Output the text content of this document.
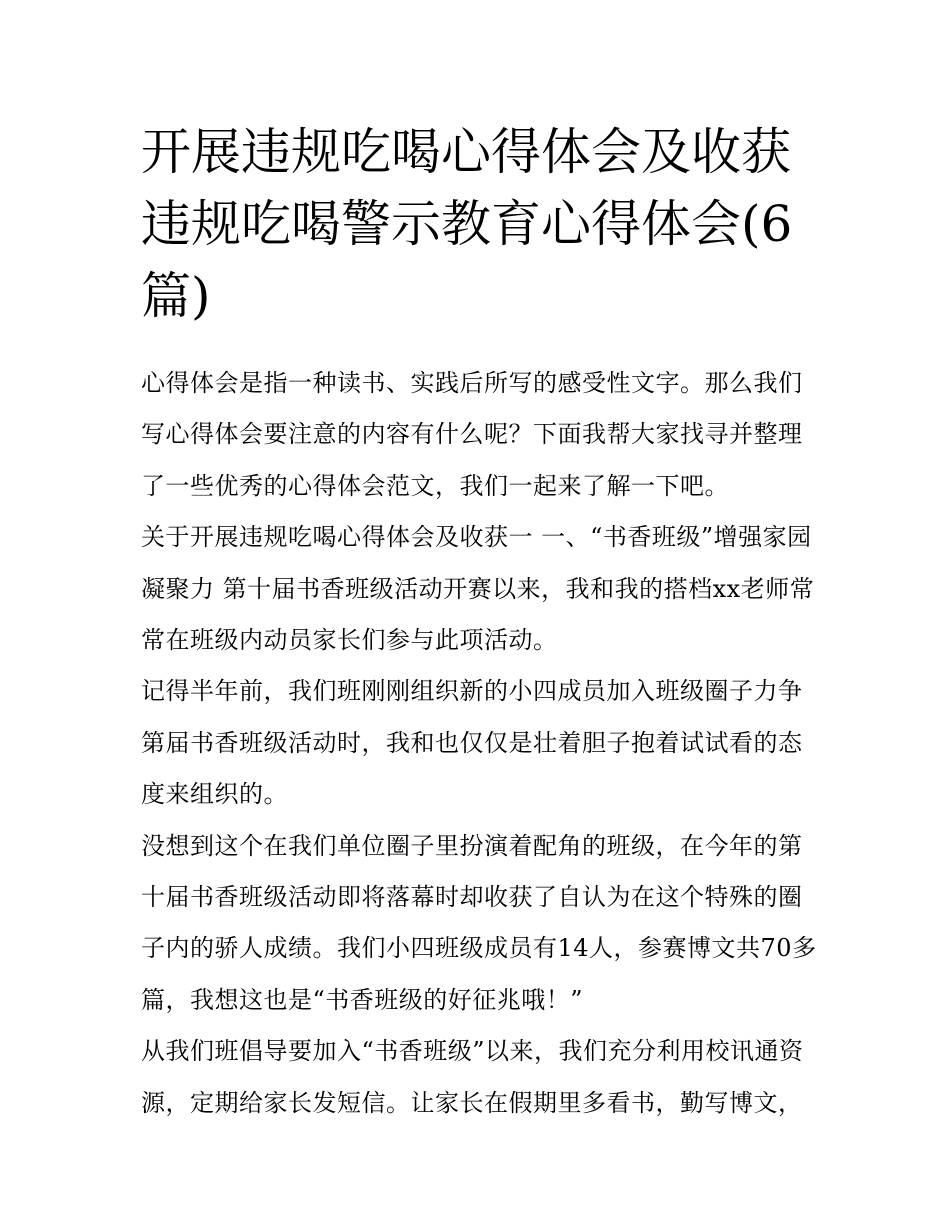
开展违规吃喝心得体会及收获违规吃喝警示教育心得体会(6篇)

心得体会是指一种读书、实践后所写的感受性文字。那么我们写心得体会要注意的内容有什么呢？下面我帮大家找寻并整理了一些优秀的心得体会范文，我们一起来了解一下吧。

关于开展违规吃喝心得体会及收获一 一、“书香班级”增强家园凝聚力 第十届书香班级活动开赛以来，我和我的搭档xx老师常常在班级内动员家长们参与此项活动。

记得半年前，我们班刚刚组织新的小四成员加入班级圈子力争第届书香班级活动时，我和也仅仅是壮着胆子抱着试试看的态度来组织的。

没想到这个在我们单位圈子里扮演着配角的班级，在今年的第十届书香班级活动即将落幕时却收获了自认为在这个特殊的圈子内的骄人成绩。我们小四班级成员有14人，参赛博文共70多篇，我想这也是“书香班级的好征兆哦！”

从我们班倡导要加入“书香班级”以来，我们充分利用校讯通资源，定期给家长发短信。让家长在假期里多看书，勤写博文，
